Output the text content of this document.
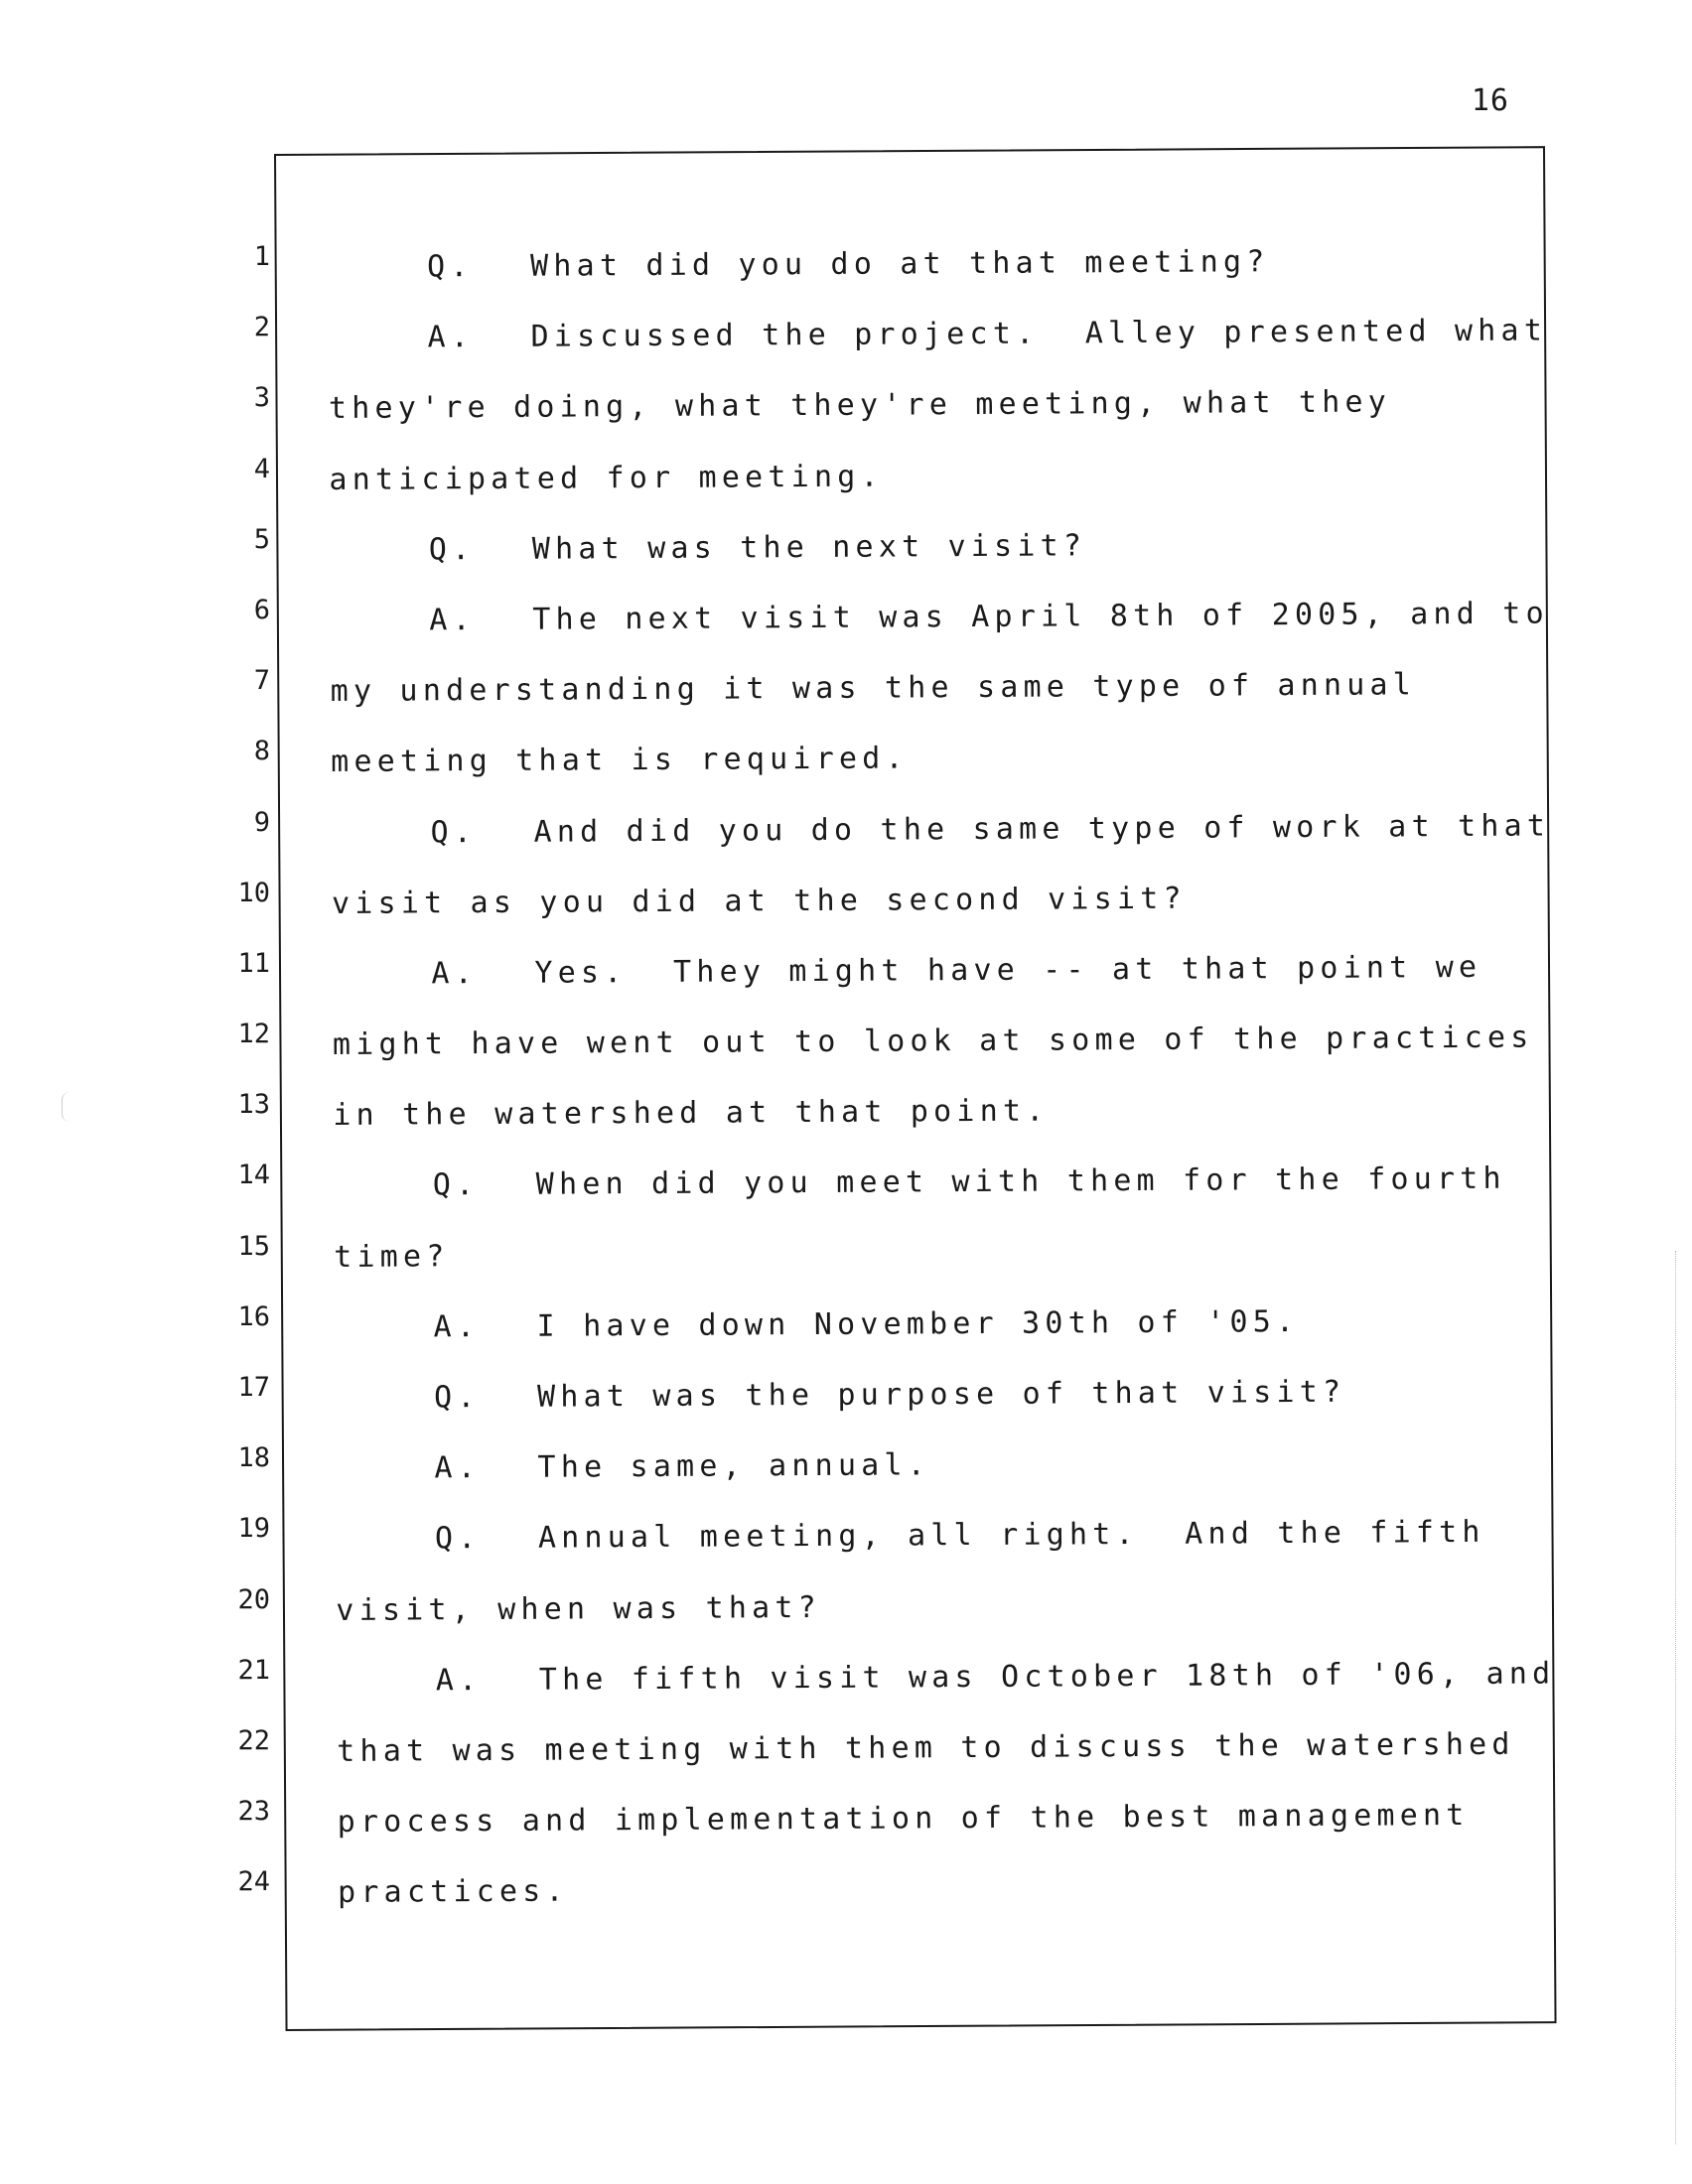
16
1
2
3
4
5
6
7
8
9
10
11
12
13
14
15
16
17
18
19
20
21
22
23
24
Q. What did you do at that meeting?
A. Discussed the project.  Alley presented what
they're doing, what they're meeting, what they
anticipated for meeting.
Q. What was the next visit?
A. The next visit was April 8th of 2005, and to
my understanding it was the same type of annual
meeting that is required.
Q. And did you do the same type of work at that
visit as you did at the second visit?
A. Yes.  They might have -- at that point we
might have went out to look at some of the practices
in the watershed at that point.
Q. When did you meet with them for the fourth
time?
A. I have down November 30th of '05.
Q. What was the purpose of that visit?
A. The same, annual.
Q. Annual meeting, all right.  And the fifth
visit, when was that?
A. The fifth visit was October 18th of '06, and
that was meeting with them to discuss the watershed
process and implementation of the best management
practices.
